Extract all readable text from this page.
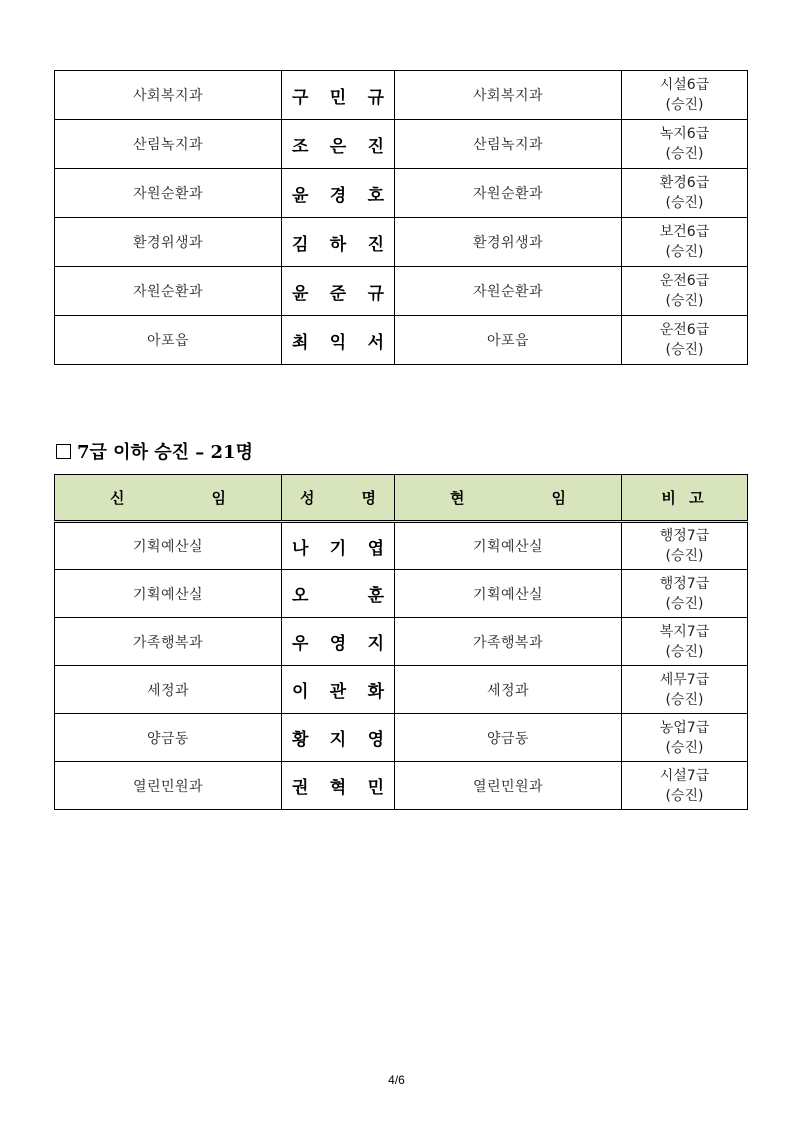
사회복지과	구 민 규	사회복지과	시설6급
(승진)

산림녹지과	조 은 진	산림녹지과	녹지6급
(승진)

자원순환과	윤 경 호	자원순환과	환경6급
(승진)

환경위생과	김 하 진	환경위생과	보건6급
(승진)

자원순환과	윤 준 규	자원순환과	운전6급
(승진)

아포읍	최 익 서	아포읍	운전6급
(승진)
7급 이하 승진 – 21명
신 임	성 명	현 임	비 고
기획예산실	나 기 엽	기획예산실	행정7급
(승진)

기획예산실	오 훈	기획예산실	행정7급
(승진)

가족행복과	우 영 지	가족행복과	복지7급
(승진)

세정과	이 관 화	세정과	세무7급
(승진)

양금동	황 지 영	양금동	농업7급
(승진)

열린민원과	권 혁 민	열린민원과	시설7급
(승진)
4/6
